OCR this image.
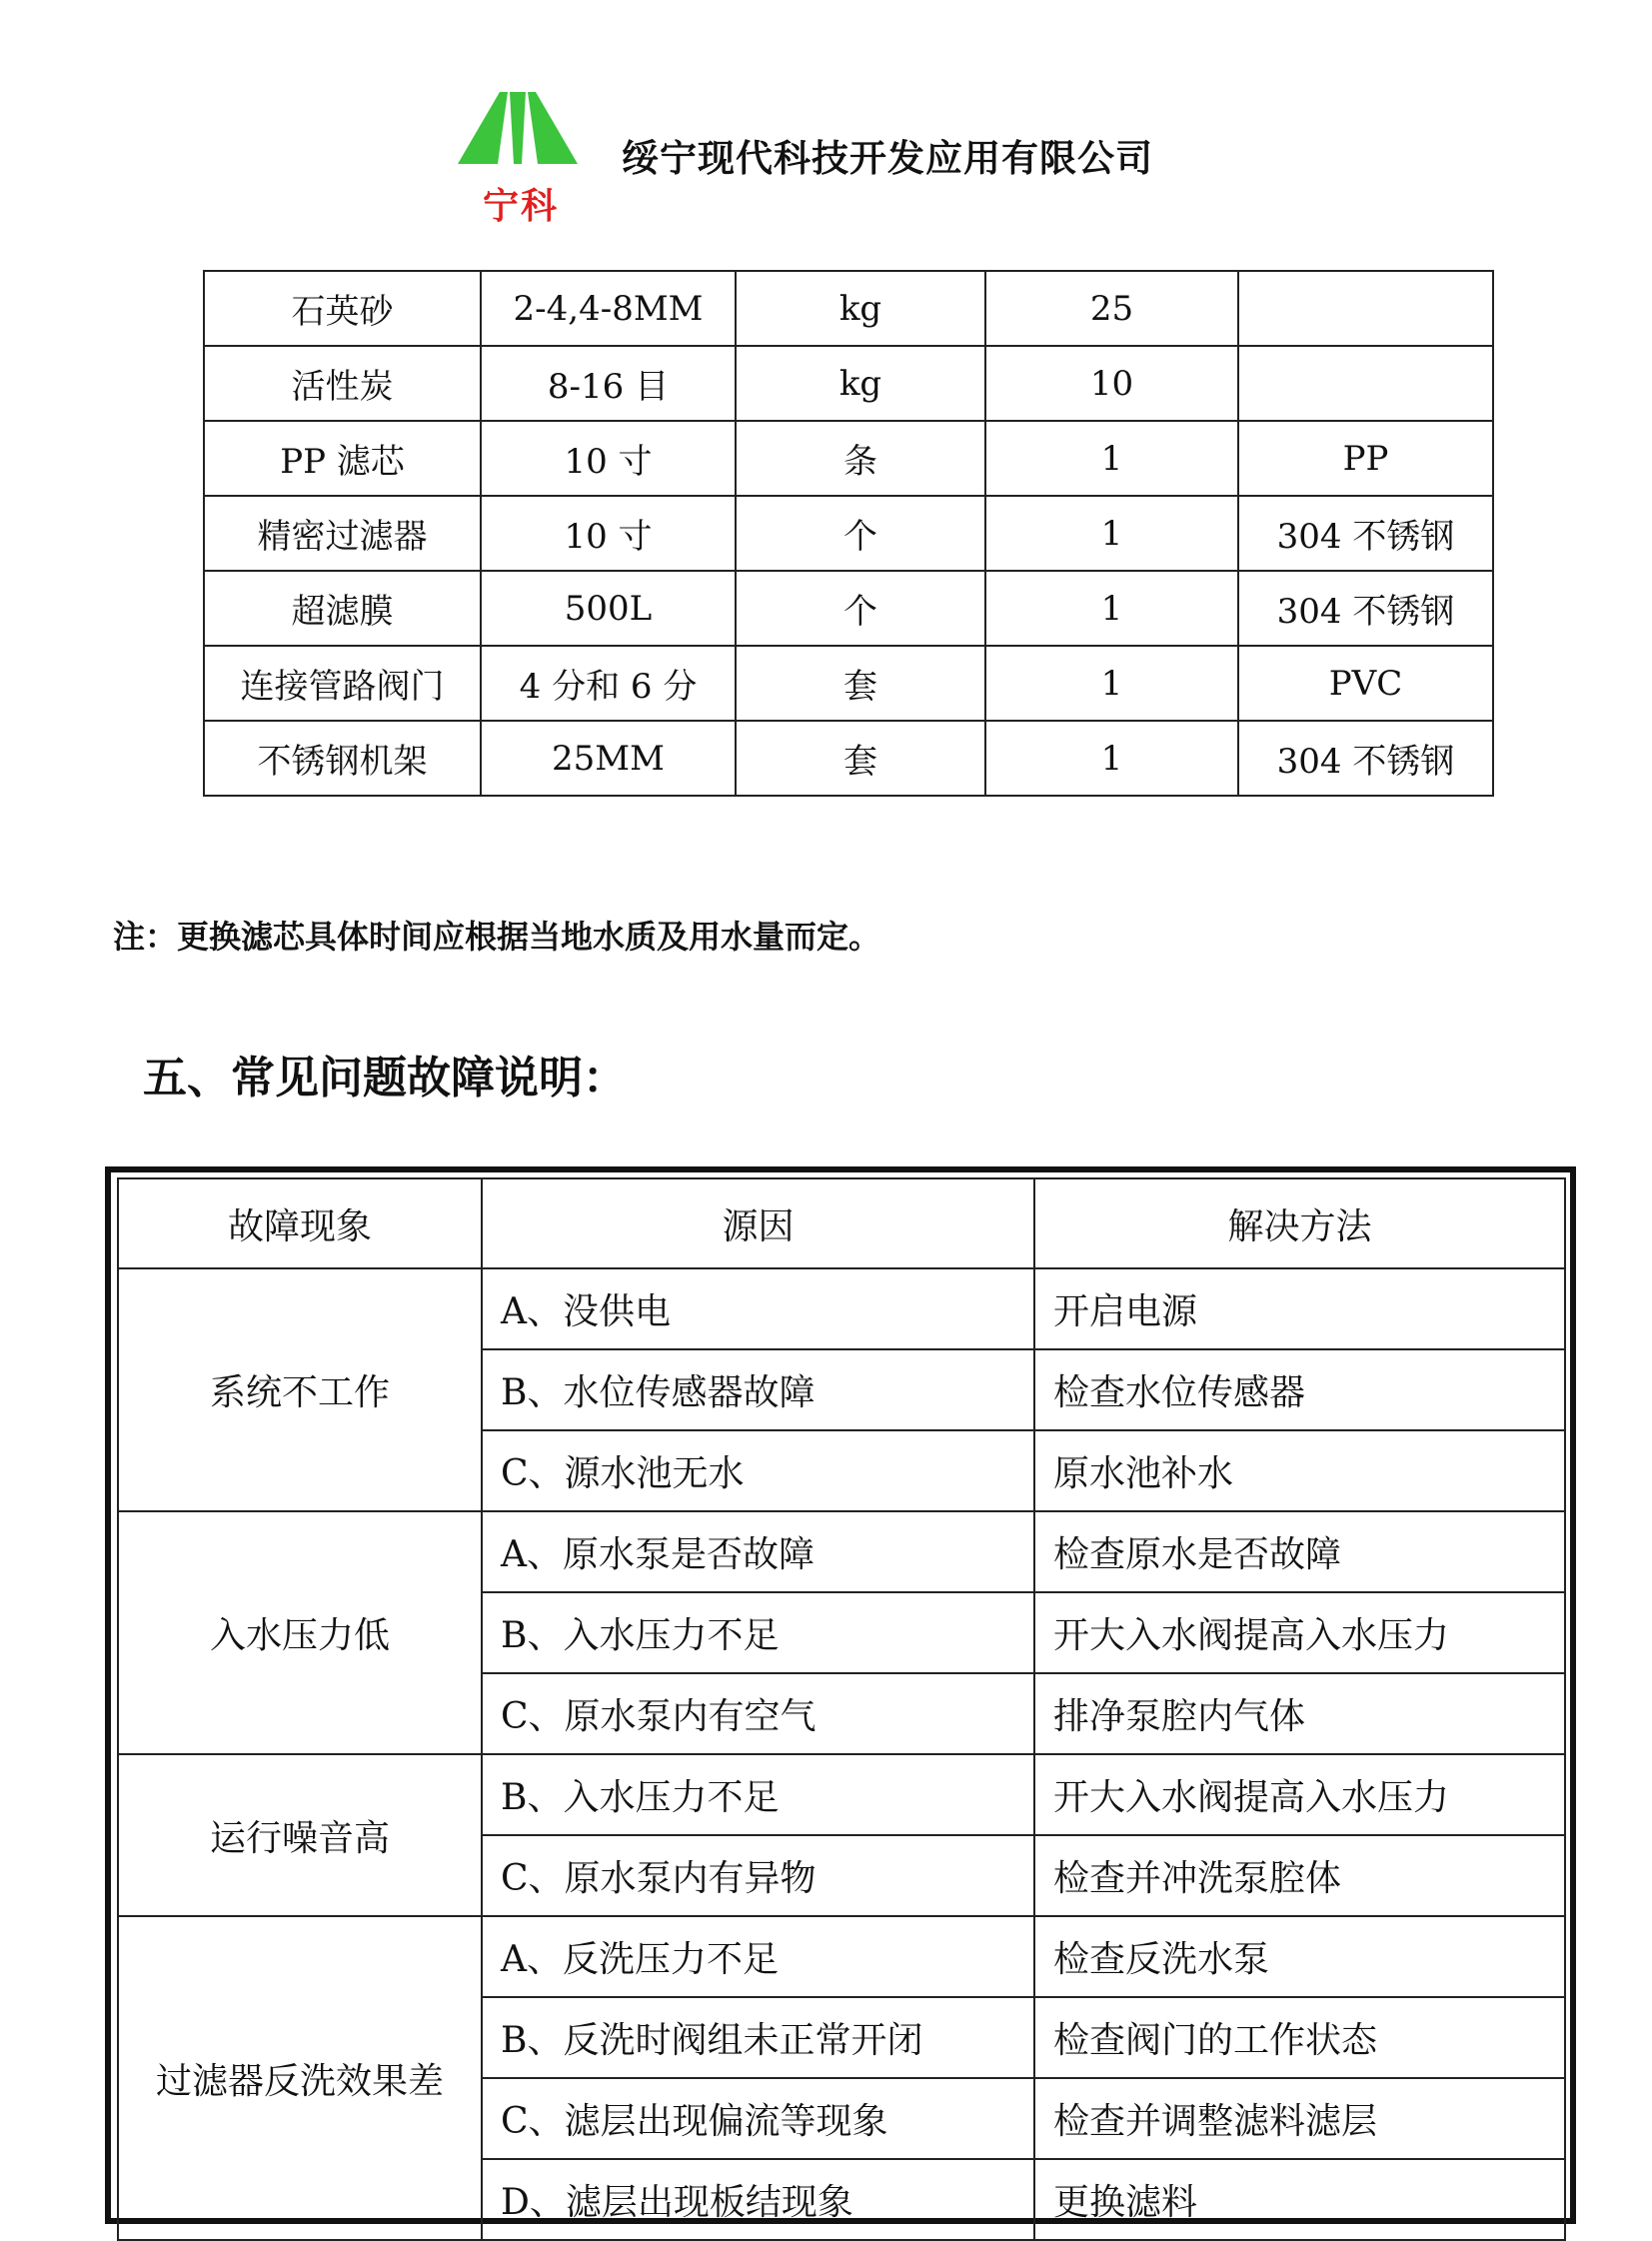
宁科
绥宁现代科技开发应用有限公司
石英砂	2-4,4-8MM	kg	25	
活性炭	8-16 目	kg	10	
PP 滤芯	10 寸	条	1	PP
精密过滤器	10 寸	个	1	304 不锈钢
超滤膜	500L	个	1	304 不锈钢
连接管路阀门	4 分和 6 分	套	1	PVC
不锈钢机架	25MM	套	1	304 不锈钢
注：更换滤芯具体时间应根据当地水质及用水量而定。
五、常见问题故障说明：
故障现象	源因	解决方法
系统不工作	A、没供电	开启电源
	B、水位传感器故障	检查水位传感器
	C、源水池无水	原水池补水
入水压力低	A、原水泵是否故障	检查原水是否故障
	B、入水压力不足	开大入水阀提高入水压力
	C、原水泵内有空气	排净泵腔内气体
运行噪音高	B、入水压力不足	开大入水阀提高入水压力
	C、原水泵内有异物	检查并冲洗泵腔体
过滤器反洗效果差	A、反洗压力不足	检查反洗水泵
	B、反洗时阀组未正常开闭	检查阀门的工作状态
	C、滤层出现偏流等现象	检查并调整滤料滤层
	D、滤层出现板结现象	更换滤料
